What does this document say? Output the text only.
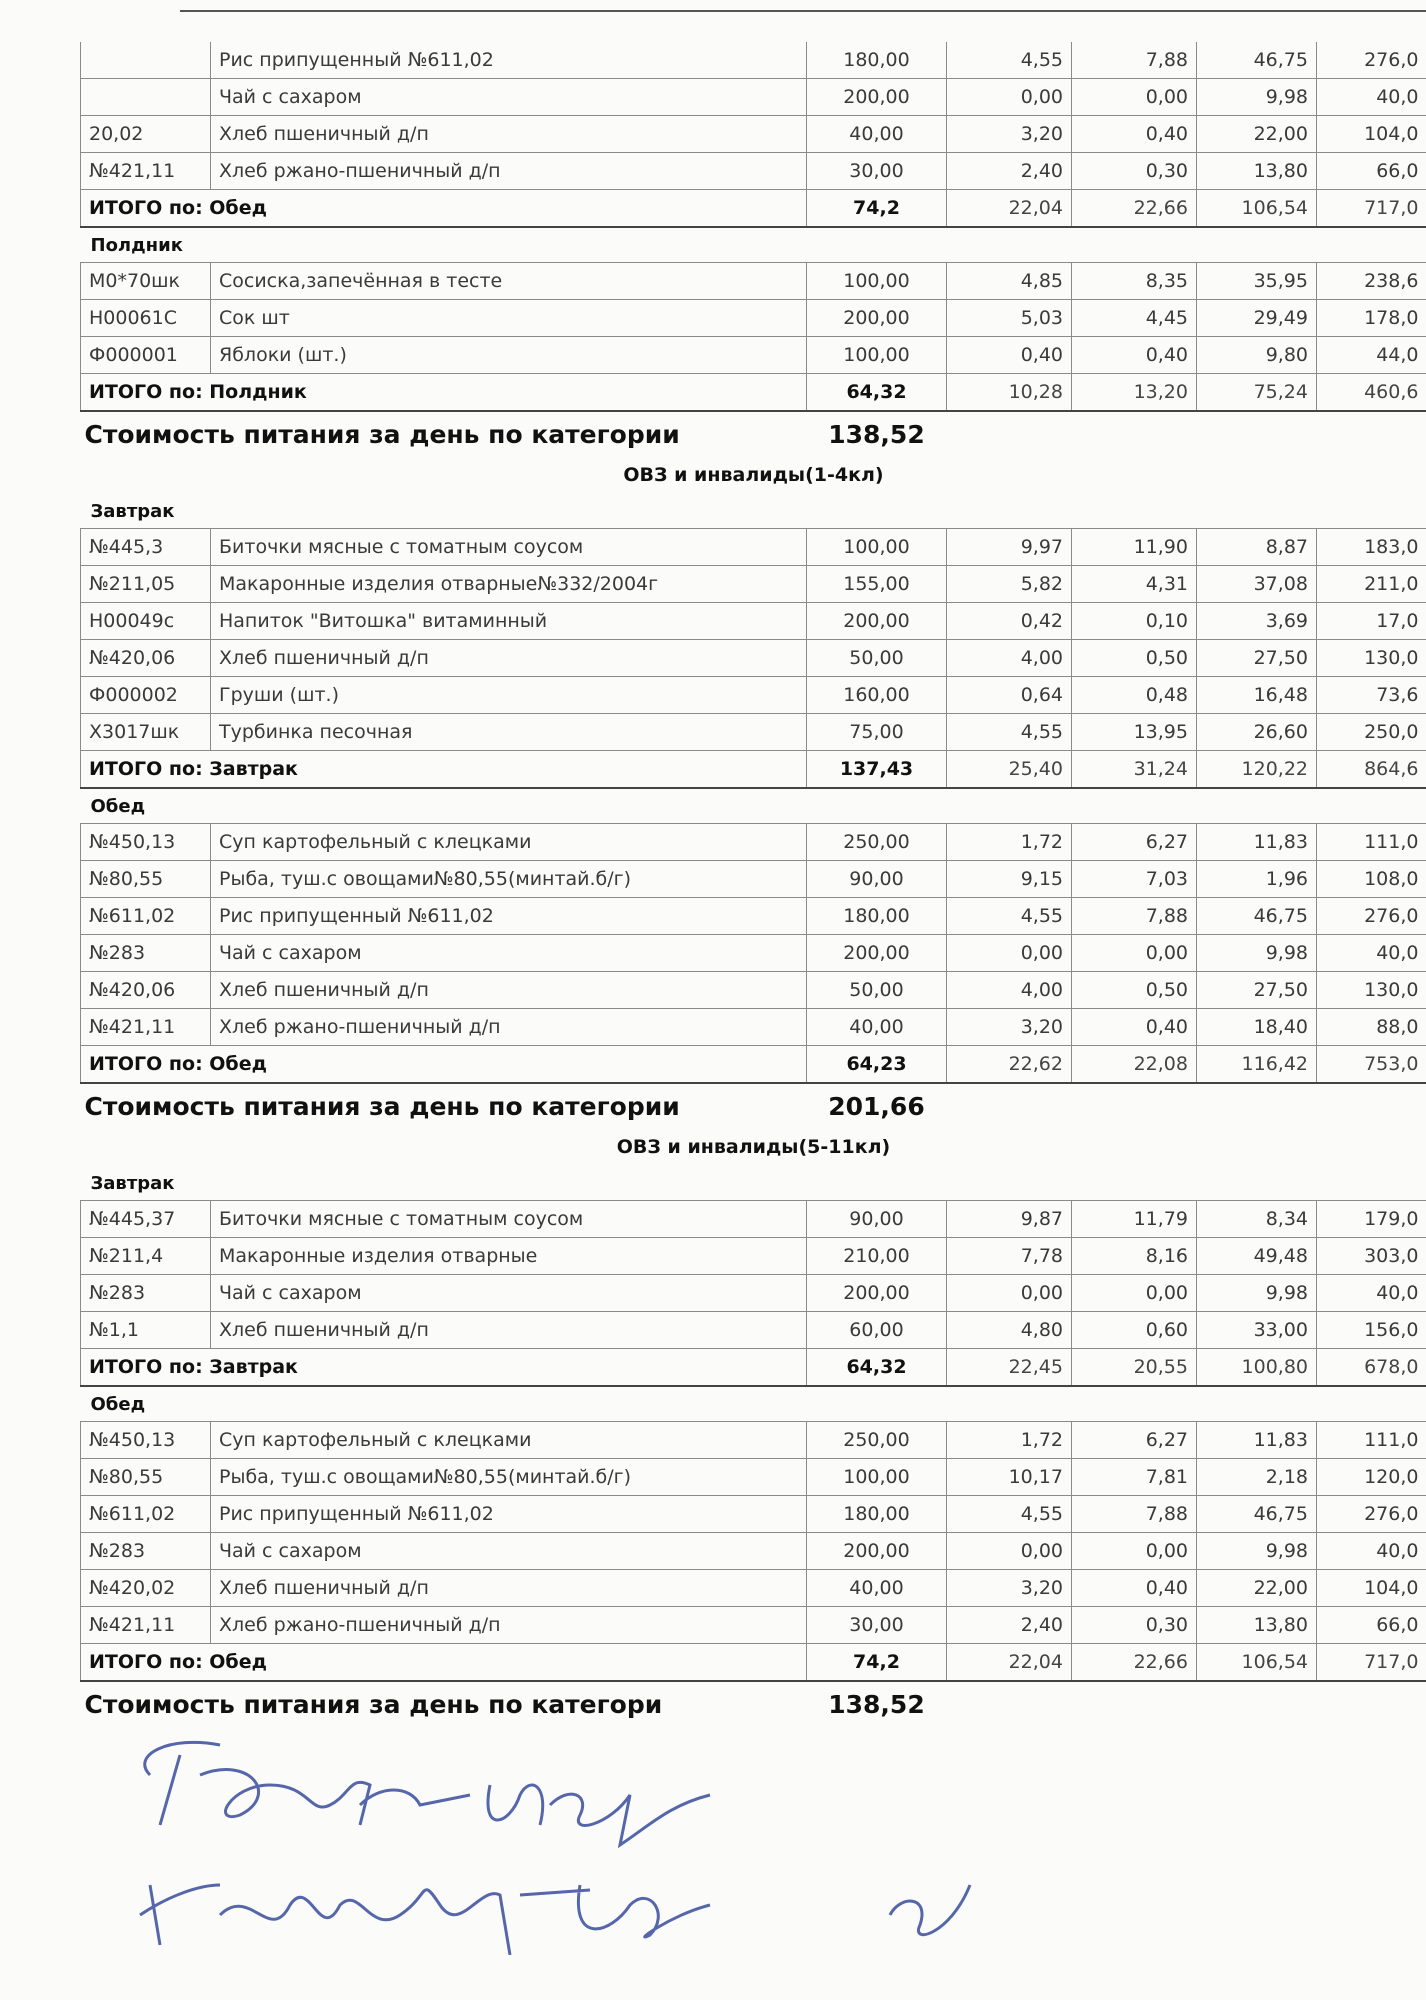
	Рис припущенный №611,02	180,00	4,55	7,88	46,75	276,0
	Чай с сахаром	200,00	0,00	0,00	9,98	40,0
20,02	Хлеб пшеничный д/п	40,00	3,20	0,40	22,00	104,0
№421,11	Хлеб ржано-пшеничный д/п	30,00	2,40	0,30	13,80	66,0
ИТОГО по: Обед		74,2	22,04	22,66	106,54	717,0
Полдник						
М0*70шк	Сосиска,запечённая в тесте	100,00	4,85	8,35	35,95	238,6
Н00061С	Сок шт	200,00	5,03	4,45	29,49	178,0
Ф000001	Яблоки (шт.)	100,00	0,40	0,40	9,80	44,0
ИТОГО по: Полдник		64,32	10,28	13,20	75,24	460,6
Стоимость питания за день по категории		138,52				
ОВЗ и инвалиды(1-4кл)						
Завтрак						
№445,3	Биточки мясные с томатным соусом	100,00	9,97	11,90	8,87	183,0
№211,05	Макаронные изделия отварные№332/2004г	155,00	5,82	4,31	37,08	211,0
Н00049с	Напиток "Витошка" витаминный	200,00	0,42	0,10	3,69	17,0
№420,06	Хлеб пшеничный д/п	50,00	4,00	0,50	27,50	130,0
Ф000002	Груши (шт.)	160,00	0,64	0,48	16,48	73,6
Х3017шк	Турбинка песочная	75,00	4,55	13,95	26,60	250,0
ИТОГО по: Завтрак		137,43	25,40	31,24	120,22	864,6
Обед						
№450,13	Суп картофельный с клецками	250,00	1,72	6,27	11,83	111,0
№80,55	Рыба, туш.с овощами№80,55(минтай.б/г)	90,00	9,15	7,03	1,96	108,0
№611,02	Рис припущенный №611,02	180,00	4,55	7,88	46,75	276,0
№283	Чай с сахаром	200,00	0,00	0,00	9,98	40,0
№420,06	Хлеб пшеничный д/п	50,00	4,00	0,50	27,50	130,0
№421,11	Хлеб ржано-пшеничный д/п	40,00	3,20	0,40	18,40	88,0
ИТОГО по: Обед		64,23	22,62	22,08	116,42	753,0
Стоимость питания за день по категории		201,66				
ОВЗ и инвалиды(5-11кл)						
Завтрак						
№445,37	Биточки мясные с томатным соусом	90,00	9,87	11,79	8,34	179,0
№211,4	Макаронные изделия отварные	210,00	7,78	8,16	49,48	303,0
№283	Чай с сахаром	200,00	0,00	0,00	9,98	40,0
№1,1	Хлеб пшеничный д/п	60,00	4,80	0,60	33,00	156,0
ИТОГО по: Завтрак		64,32	22,45	20,55	100,80	678,0
Обед						
№450,13	Суп картофельный с клецками	250,00	1,72	6,27	11,83	111,0
№80,55	Рыба, туш.с овощами№80,55(минтай.б/г)	100,00	10,17	7,81	2,18	120,0
№611,02	Рис припущенный №611,02	180,00	4,55	7,88	46,75	276,0
№283	Чай с сахаром	200,00	0,00	0,00	9,98	40,0
№420,02	Хлеб пшеничный д/п	40,00	3,20	0,40	22,00	104,0
№421,11	Хлеб ржано-пшеничный д/п	30,00	2,40	0,30	13,80	66,0
ИТОГО по: Обед		74,2	22,04	22,66	106,54	717,0
Стоимость питания за день по категори		138,52				
